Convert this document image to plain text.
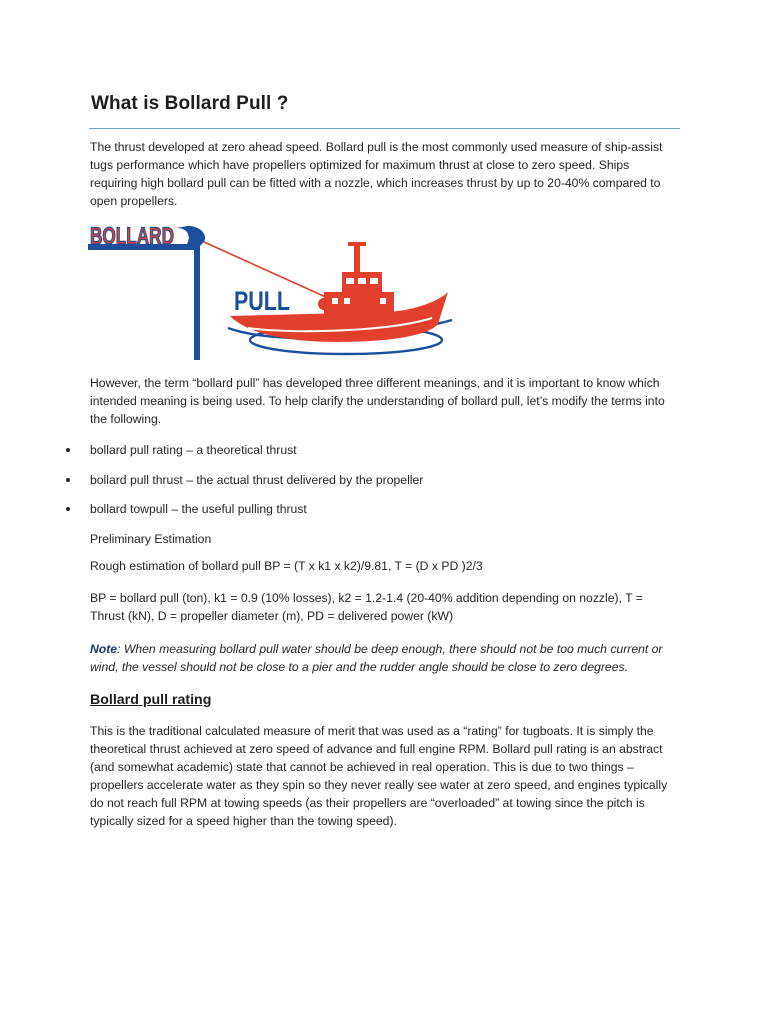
What is Bollard Pull ?

The thrust developed at zero ahead speed. Bollard pull is the most commonly used measure of ship-assist tugs performance which have propellers optimized for maximum thrust at close to zero speed. Ships requiring high bollard pull can be fitted with a nozzle, which increases thrust by up to 20-40% compared to open propellers.

BOLLARD
PULL

However, the term “bollard pull” has developed three different meanings, and it is important to know which intended meaning is being used. To help clarify the understanding of bollard pull, let’s modify the terms into the following.

bollard pull rating – a theoretical thrust
bollard pull thrust – the actual thrust delivered by the propeller
bollard towpull – the useful pulling thrust

Preliminary Estimation

Rough estimation of bollard pull BP = (T x k1 x k2)/9.81, T = (D x PD )2/3

BP = bollard pull (ton), k1 = 0.9 (10% losses), k2 = 1.2-1.4 (20-40% addition depending on nozzle), T = Thrust (kN), D = propeller diameter (m), PD = delivered power (kW)

Note: When measuring bollard pull water should be deep enough, there should not be too much current or wind, the vessel should not be close to a pier and the rudder angle should be close to zero degrees.

Bollard pull rating

This is the traditional calculated measure of merit that was used as a “rating” for tugboats. It is simply the theoretical thrust achieved at zero speed of advance and full engine RPM. Bollard pull rating is an abstract (and somewhat academic) state that cannot be achieved in real operation. This is due to two things – propellers accelerate water as they spin so they never really see water at zero speed, and engines typically do not reach full RPM at towing speeds (as their propellers are “overloaded” at towing since the pitch is typically sized for a speed higher than the towing speed).
